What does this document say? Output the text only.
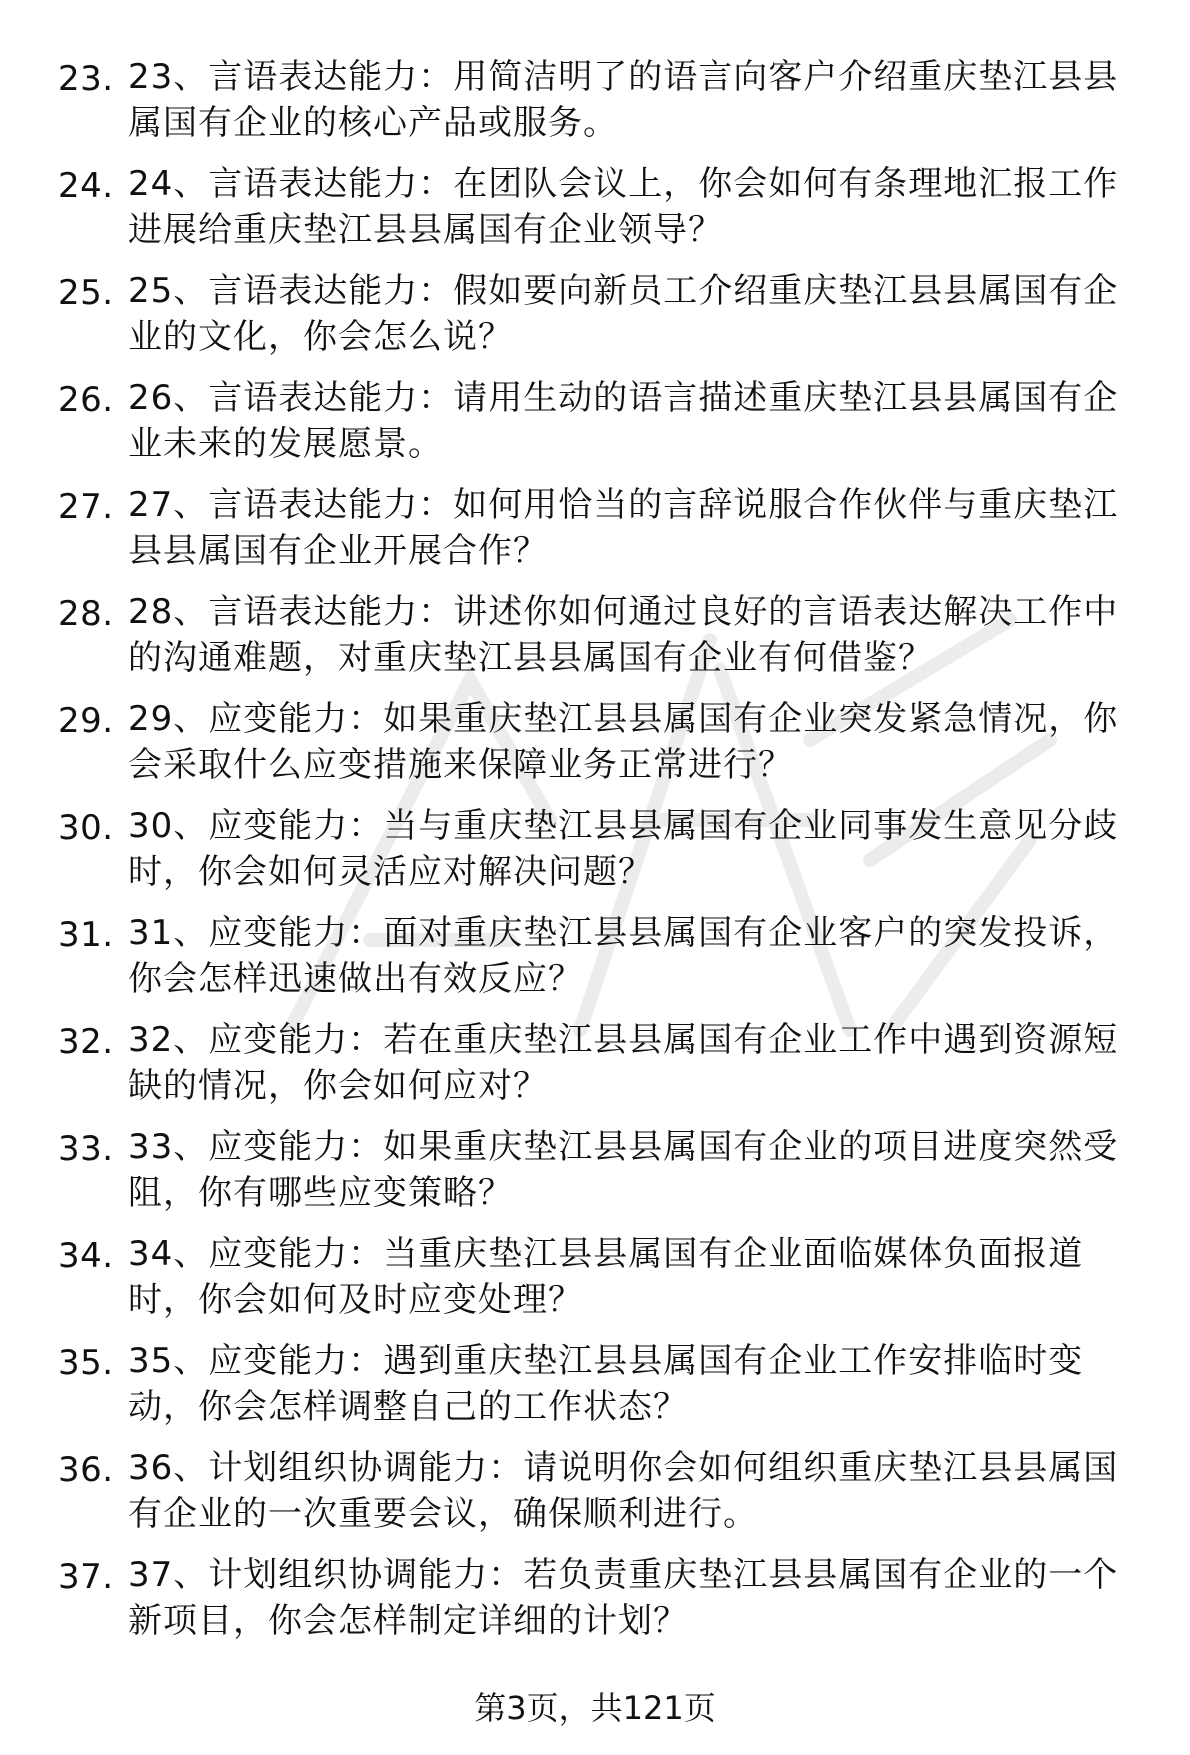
23. 23、言语表达能力：用简洁明了的语言向客户介绍重庆垫江县县属国有企业的核心产品或服务。
24. 24、言语表达能力：在团队会议上，你会如何有条理地汇报工作进展给重庆垫江县县属国有企业领导？
25. 25、言语表达能力：假如要向新员工介绍重庆垫江县县属国有企业的文化，你会怎么说？
26. 26、言语表达能力：请用生动的语言描述重庆垫江县县属国有企业未来的发展愿景。
27. 27、言语表达能力：如何用恰当的言辞说服合作伙伴与重庆垫江县县属国有企业开展合作？
28. 28、言语表达能力：讲述你如何通过良好的言语表达解决工作中的沟通难题，对重庆垫江县县属国有企业有何借鉴？
29. 29、应变能力：如果重庆垫江县县属国有企业突发紧急情况，你会采取什么应变措施来保障业务正常进行？
30. 30、应变能力：当与重庆垫江县县属国有企业同事发生意见分歧时，你会如何灵活应对解决问题？
31. 31、应变能力：面对重庆垫江县县属国有企业客户的突发投诉，你会怎样迅速做出有效反应？
32. 32、应变能力：若在重庆垫江县县属国有企业工作中遇到资源短缺的情况，你会如何应对？
33. 33、应变能力：如果重庆垫江县县属国有企业的项目进度突然受阻，你有哪些应变策略？
34. 34、应变能力：当重庆垫江县县属国有企业面临媒体负面报道时，你会如何及时应变处理？
35. 35、应变能力：遇到重庆垫江县县属国有企业工作安排临时变动，你会怎样调整自己的工作状态？
36. 36、计划组织协调能力：请说明你会如何组织重庆垫江县县属国有企业的一次重要会议，确保顺利进行。
37. 37、计划组织协调能力：若负责重庆垫江县县属国有企业的一个新项目，你会怎样制定详细的计划？
第3页，共121页
